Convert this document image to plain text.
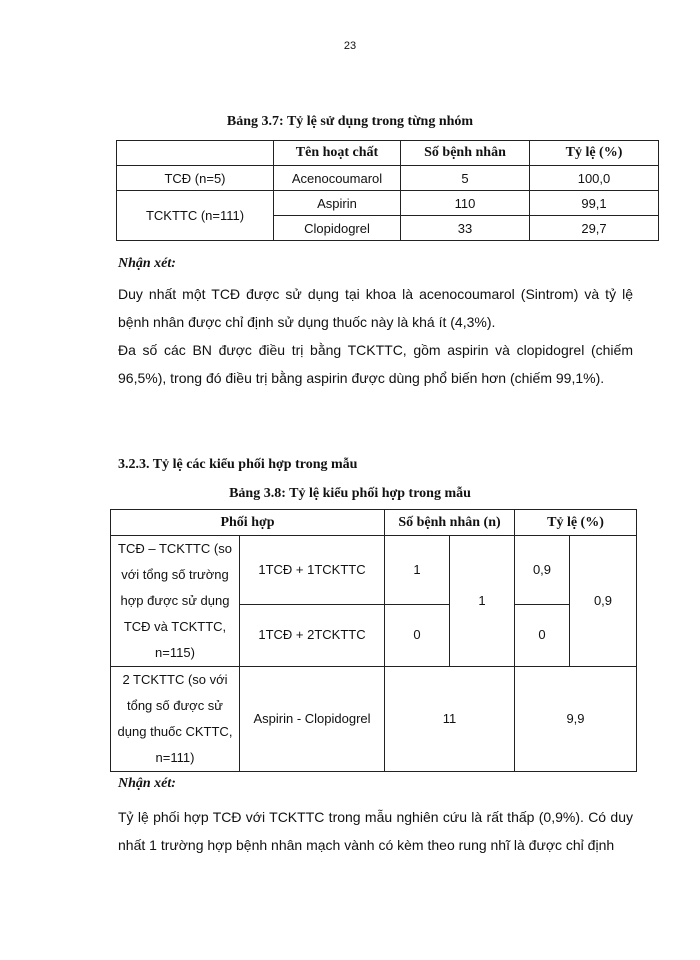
23
Bảng 3.7: Tỷ lệ sử dụng trong từng nhóm
	Tên hoạt chất	Số bệnh nhân	Tỷ lệ (%)
TCĐ (n=5)	Acenocoumarol	5	100,0
TCKTTC (n=111)	Aspirin	110	99,1
	Clopidogrel	33	29,7
Nhận xét:
Duy nhất một TCĐ được sử dụng tại khoa là acenocoumarol (Sintrom) và tỷ lệ bệnh nhân được chỉ định sử dụng thuốc này là khá ít (4,3%).
Đa số các BN được điều trị bằng TCKTTC, gồm aspirin và clopidogrel (chiếm 96,5%), trong đó điều trị bằng aspirin được dùng phổ biến hơn (chiếm 99,1%).
3.2.3. Tỷ lệ các kiểu phối hợp trong mẫu
Bảng 3.8: Tỷ lệ kiểu phối hợp trong mẫu
Phối hợp		Số bệnh nhân (n)		Tỷ lệ (%)	
TCĐ – TCKTTC (so với tổng số trường hợp được sử dụng TCĐ và TCKTTC, n=115)	1TCĐ + 1TCKTTC	1	1	0,9	0,9
	1TCĐ + 2TCKTTC	0		0	
2 TCKTTC (so với tổng số được sử dụng thuốc CKTTC, n=111)	Aspirin - Clopidogrel	11		9,9	
Nhận xét:
Tỷ lệ phối hợp TCĐ với TCKTTC trong mẫu nghiên cứu là rất thấp (0,9%). Có duy nhất 1 trường hợp bệnh nhân mạch vành có kèm theo rung nhĩ là được chỉ định
